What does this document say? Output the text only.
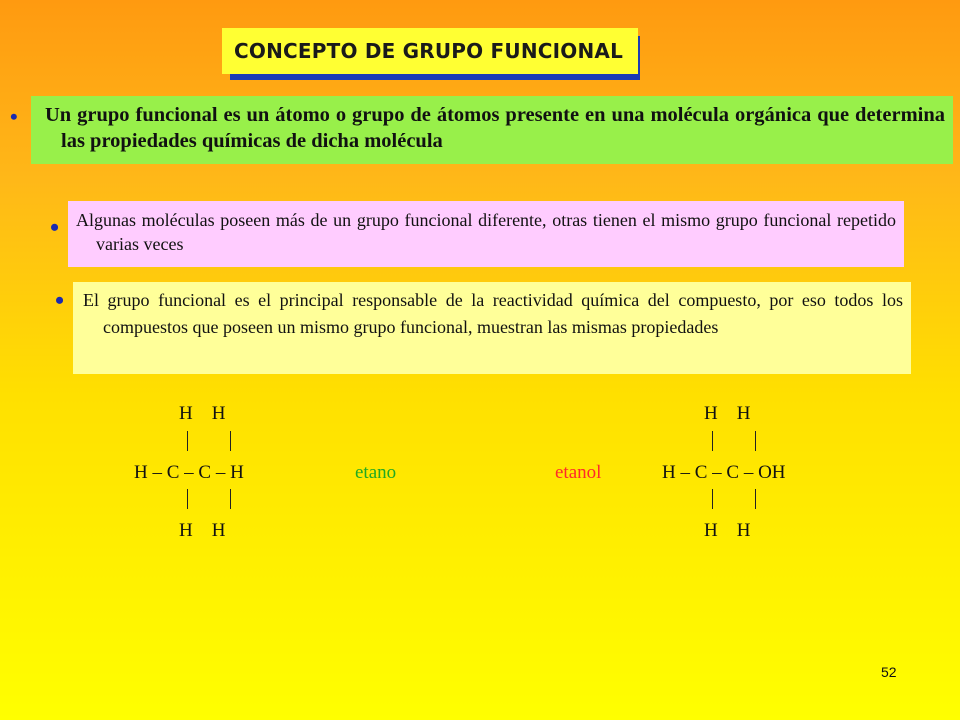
CONCEPTO DE GRUPO FUNCIONAL
• Un grupo funcional es un átomo o grupo de átomos presente en una molécula orgánica que determina las propiedades químicas de dicha molécula
• Algunas moléculas poseen más de un grupo funcional diferente, otras tienen el mismo grupo funcional repetido varias veces
• El grupo funcional es el principal responsable de la reactividad química del compuesto, por eso todos los compuestos que poseen un mismo grupo funcional, muestran las mismas propiedades
H    H
H – C – C – H
H    H
etano	etanol
H    H
H – C – C – OH
H    H
52
